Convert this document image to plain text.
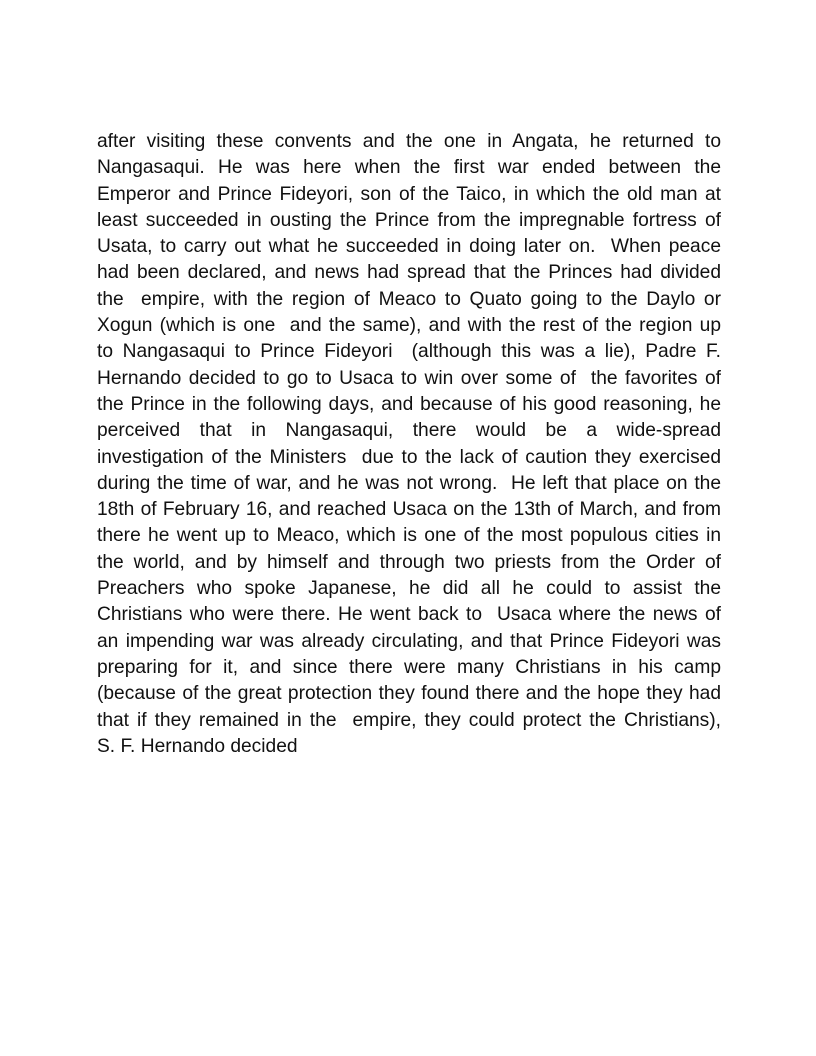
after visiting these convents and the one in Angata, he returned to
Nangasaqui. He was here when the first war ended between the
Emperor and Prince Fideyori, son of the Taico, in which the old man at
least succeeded in ousting the Prince from the impregnable fortress of
Usata, to carry out what he succeeded in doing later on.  When peace
had been declared, and news had spread that the Princes had divided
the  empire, with the region of Meaco to Quato going to the Daylo or
Xogun (which is one  and the same), and with the rest of the region up
to Nangasaqui to Prince Fideyori  (although this was a lie), Padre F.
Hernando decided to go to Usaca to win over some of  the favorites of
the Prince in the following days, and because of his good reasoning, he
perceived that in Nangasaqui, there would be a wide-spread
investigation of the Ministers  due to the lack of caution they exercised
during the time of war, and he was not wrong.  He left that place on the
18th of February 16, and reached Usaca on the 13th of March, and from
there he went up to Meaco, which is one of the most populous cities in
the world, and by himself and through two priests from the Order of
Preachers who spoke Japanese, he did all he could to assist the
Christians who were there. He went back to  Usaca where the news of
an impending war was already circulating, and that Prince Fideyori was
preparing for it, and since there were many Christians in his camp
(because of the great protection they found there and the hope they had
that if they remained in the  empire, they could protect the Christians),
S. F. Hernando decided
